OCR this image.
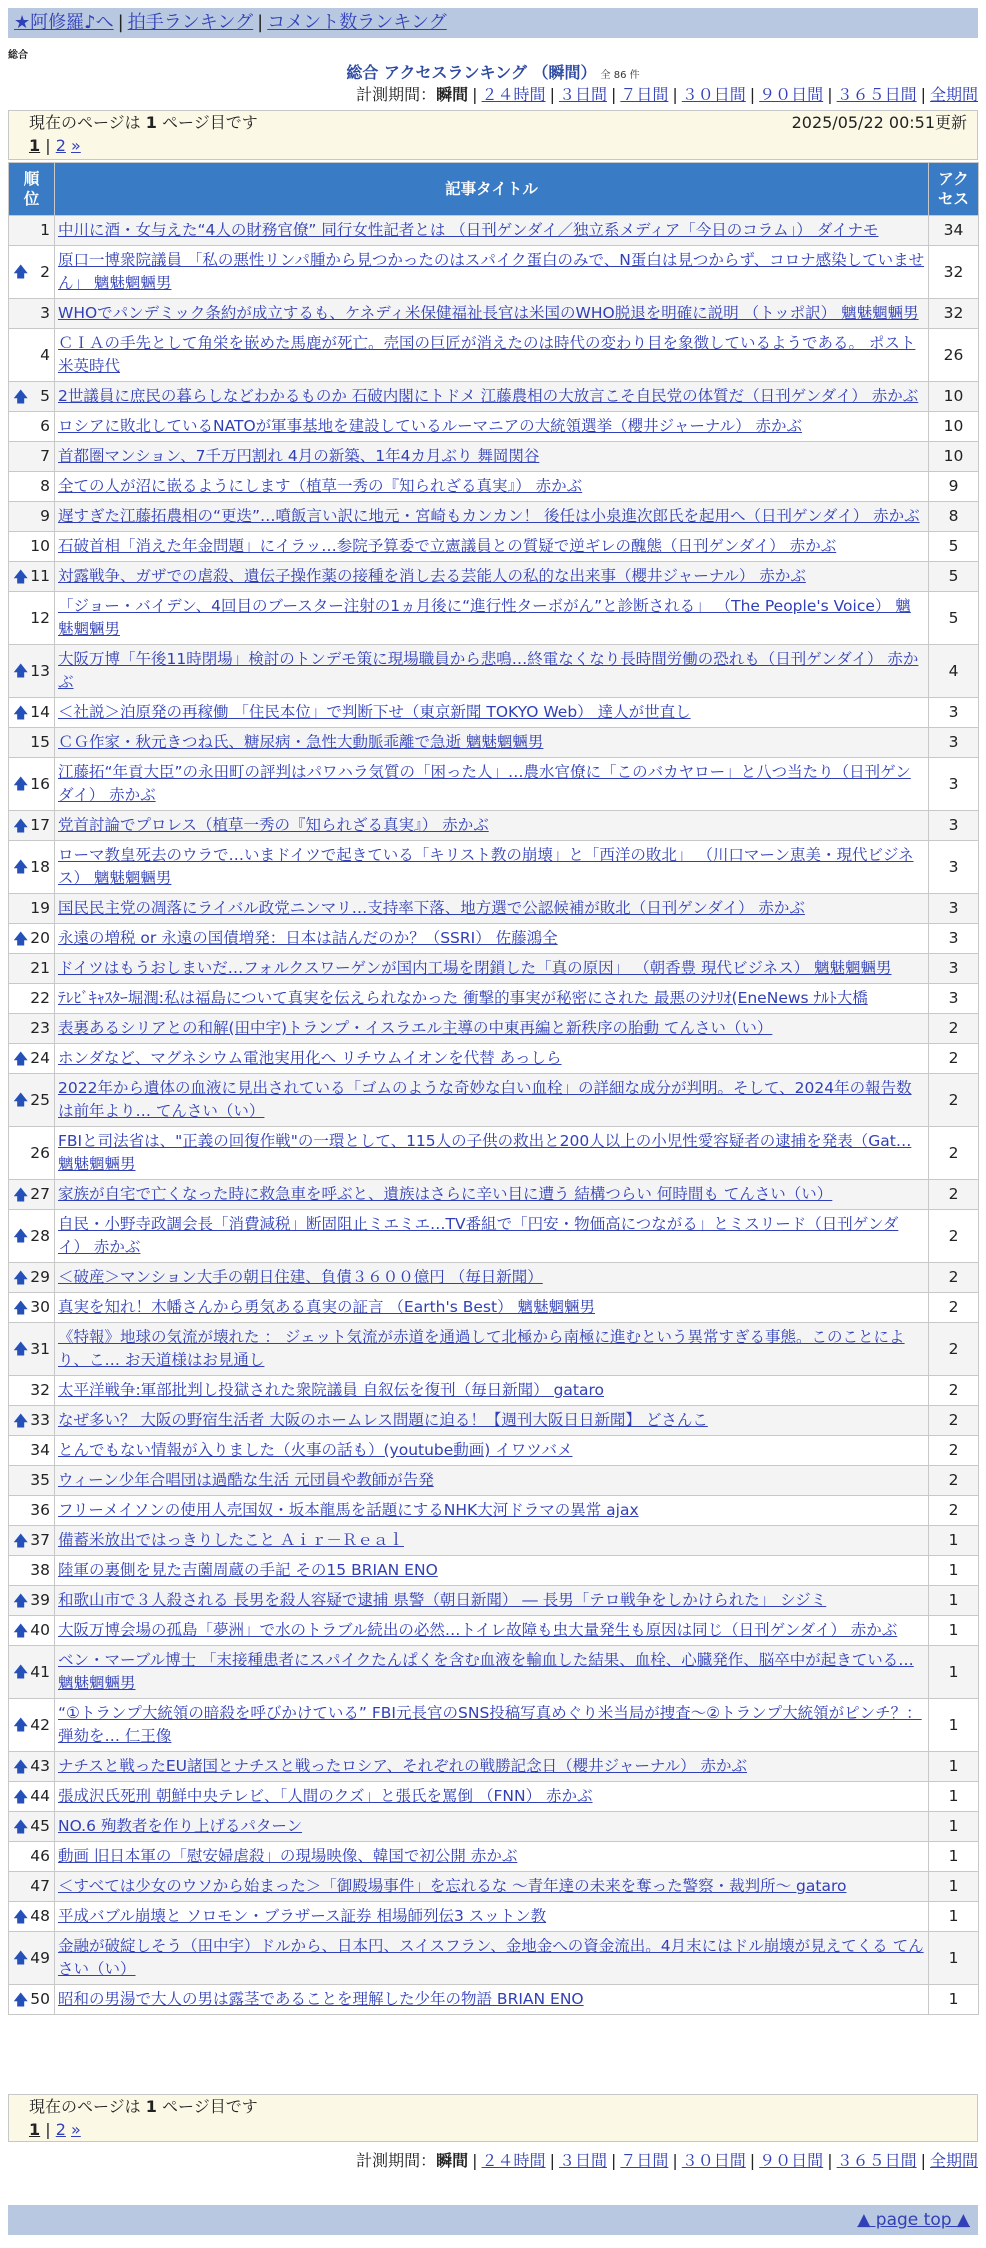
★阿修羅♪へ | 拍手ランキング | コメント数ランキング
総合
総合 アクセスランキング （瞬間） 全 86 件
計測期間：瞬間 | ２４時間 | ３日間 | ７日間 | ３０日間 | ９０日間 | ３６５日間 | 全期間
現在のページは 1 ページ目です	2025/05/22 00:51更新
1 | 2 »
順位	記事タイトル	アクセス
1	中川に酒・女与えた“4人の財務官僚” 同行女性記者とは （日刊ゲンダイ／独立系メディア「今日のコラム」） ダイナモ	34

🡅 2	原口一博衆院議員 「私の悪性リンパ腫から見つかったのはスパイク蛋白のみで、N蛋白は見つからず、コロナ感染していません」 魑魅魍魎男	32
3	WHOでパンデミック条約が成立するも、ケネディ米保健福祉長官は米国のWHO脱退を明確に説明 （トッポ訳） 魑魅魍魎男	32
4	ＣＩＡの手先として角栄を嵌めた馬鹿が死亡。売国の巨匠が消えたのは時代の変わり目を象徴しているようである。 ポスト米英時代	26

🡅 5	2世議員に庶民の暮らしなどわかるものか 石破内閣にトドメ 江藤農相の大放言こそ自民党の体質だ（日刊ゲンダイ） 赤かぶ	10
6	ロシアに敗北しているNATOが軍事基地を建設しているルーマニアの大統領選挙（櫻井ジャーナル） 赤かぶ	10
7	首都圏マンション、7千万円割れ 4月の新築、1年4カ月ぶり 舞岡関谷	10
8	全ての人が沼に嵌るようにします（植草一秀の『知られざる真実』） 赤かぶ	9
9	遅すぎた江藤拓農相の“更迭”…噴飯言い訳に地元・宮崎もカンカン！ 後任は小泉進次郎氏を起用へ（日刊ゲンダイ） 赤かぶ	8
10	石破首相「消えた年金問題」にイラッ…参院予算委で立憲議員との質疑で逆ギレの醜態（日刊ゲンダイ） 赤かぶ	5

🡅 11	対露戦争、ガザでの虐殺、遺伝子操作薬の接種を消し去る芸能人の私的な出来事（櫻井ジャーナル） 赤かぶ	5
12	「ジョー・バイデン、4回目のブースター注射の1ヵ月後に“進行性ターボがん”と診断される」 （The People's Voice） 魑魅魍魎男	5

🡅 13	大阪万博「午後11時閉場」検討のトンデモ策に現場職員から悲鳴…終電なくなり長時間労働の恐れも（日刊ゲンダイ） 赤かぶ	4

🡅 14	＜社説＞泊原発の再稼働 「住民本位」で判断下せ（東京新聞 TOKYO Web） 達人が世直し	3
15	ＣＧ作家・秋元きつね氏、糖尿病・急性大動脈乖離で急逝 魑魅魍魎男	3

🡅 16	江藤拓“年貢大臣”の永田町の評判はパワハラ気質の「困った人」…農水官僚に「このバカヤロー」と八つ当たり（日刊ゲンダイ） 赤かぶ	3

🡅 17	党首討論でプロレス（植草一秀の『知られざる真実』） 赤かぶ	3

🡅 18	ローマ教皇死去のウラで…いまドイツで起きている「キリスト教の崩壊」と「西洋の敗北」 （川口マーン恵美・現代ビジネス） 魑魅魍魎男	3
19	国民民主党の凋落にライバル政党ニンマリ…支持率下落、地方選で公認候補が敗北（日刊ゲンダイ） 赤かぶ	3

🡅 20	永遠の増税 or 永遠の国債増発：日本は詰んだのか？（SSRI） 佐藤鴻全	3
21	ドイツはもうおしまいだ…フォルクスワーゲンが国内工場を閉鎖した「真の原因」 （朝香豊 現代ビジネス） 魑魅魍魎男	3
22	ﾃﾚﾋﾞｷｬｽﾀｰ堀潤:私は福島について真実を伝えられなかった 衝撃的事実が秘密にされた 最悪のｼﾅﾘｵ(EneNews ﾅﾙﾄ大橋	3
23	表裏あるシリアとの和解(田中宇)トランプ・イスラエル主導の中東再編と新秩序の胎動 てんさい（い）	2

🡅 24	ホンダなど、マグネシウム電池実用化へ リチウムイオンを代替 あっしら	2

🡅 25	2022年から遺体の血液に見出されている「ゴムのような奇妙な白い血栓」の詳細な成分が判明。そして、2024年の報告数は前年より… てんさい（い）	2
26	FBIと司法省は、"正義の回復作戦"の一環として、115人の子供の救出と200人以上の小児性愛容疑者の逮捕を発表（Gat… 魑魅魍魎男	2

🡅 27	家族が自宅で亡くなった時に救急車を呼ぶと、遺族はさらに辛い目に遭う 結構つらい 何時間も てんさい（い）	2

🡅 28	自民・小野寺政調会長「消費減税」断固阻止ミエミエ…TV番組で「円安・物価高につながる」とミスリード（日刊ゲンダイ） 赤かぶ	2

🡅 29	＜破産＞マンション大手の朝日住建、負債３６００億円 （毎日新聞）	2

🡅 30	真実を知れ！木幡さんから勇気ある真実の証言 （Earth's Best） 魑魅魍魎男	2

🡅 31	《特報》地球の気流が壊れた ： ジェット気流が赤道を通過して北極から南極に進むという異常すぎる事態。このことにより、こ… お天道様はお見通し	2
32	太平洋戦争:軍部批判し投獄された衆院議員 自叙伝を復刊（毎日新聞） gataro	2

🡅 33	なぜ多い？ 大阪の野宿生活者 大阪のホームレス問題に迫る！【週刊大阪日日新聞】 どさんこ	2
34	とんでもない情報が入りました（火事の話も）(youtube動画) イワツバメ	2
35	ウィーン少年合唱団は過酷な生活 元団員や教師が告発	2
36	フリーメイソンの使用人売国奴・坂本龍馬を話題にするNHK大河ドラマの異常 ajax	2

🡅 37	備蓄米放出ではっきりしたこと Ａｉｒ－Ｒｅａｌ	1
38	陸軍の裏側を見た吉薗周蔵の手記 その15 BRIAN ENO	1

🡅 39	和歌山市で３人殺される 長男を殺人容疑で逮捕 県警（朝日新聞） ― 長男「テロ戦争をしかけられた」 シジミ	1

🡅 40	大阪万博会場の孤島「夢洲」で水のトラブル続出の必然…トイレ故障も虫大量発生も原因は同じ（日刊ゲンダイ） 赤かぶ	1

🡅 41	ベン・マーブル博士 「末接種患者にスパイクたんぱくを含む血液を輸血した結果、血栓、心臓発作、脳卒中が起きている… 魑魅魍魎男	1

🡅 42	“①トランプ大統領の暗殺を呼びかけている” FBI元長官のSNS投稿写真めぐり米当局が捜査～②トランプ大統領がピンチ？：弾劾を… 仁王像	1

🡅 43	ナチスと戦ったEU諸国とナチスと戦ったロシア、それぞれの戦勝記念日（櫻井ジャーナル） 赤かぶ	1

🡅 44	張成沢氏死刑 朝鮮中央テレビ、「人間のクズ」と張氏を罵倒 （FNN） 赤かぶ	1

🡅 45	NO.6 殉教者を作り上げるパターン	1
46	動画 旧日本軍の「慰安婦虐殺」の現場映像、韓国で初公開 赤かぶ	1
47	＜すべては少女のウソから始まった＞「御殿場事件」を忘れるな ～青年達の未来を奪った警察・裁判所～ gataro	1

🡅 48	平成バブル崩壊と ソロモン・ブラザース証券 相場師列伝3 スットン教	1

🡅 49	金融が破綻しそう（田中宇）ドルから、日本円、スイスフラン、金地金への資金流出。4月末にはドル崩壊が見えてくる てんさい（い）	1

🡅 50	昭和の男湯で大人の男は露茎であることを理解した少年の物語 BRIAN ENO	1
現在のページは 1 ページ目です
1 | 2 »
計測期間：瞬間 | ２４時間 | ３日間 | ７日間 | ３０日間 | ９０日間 | ３６５日間 | 全期間
▲ page top ▲
